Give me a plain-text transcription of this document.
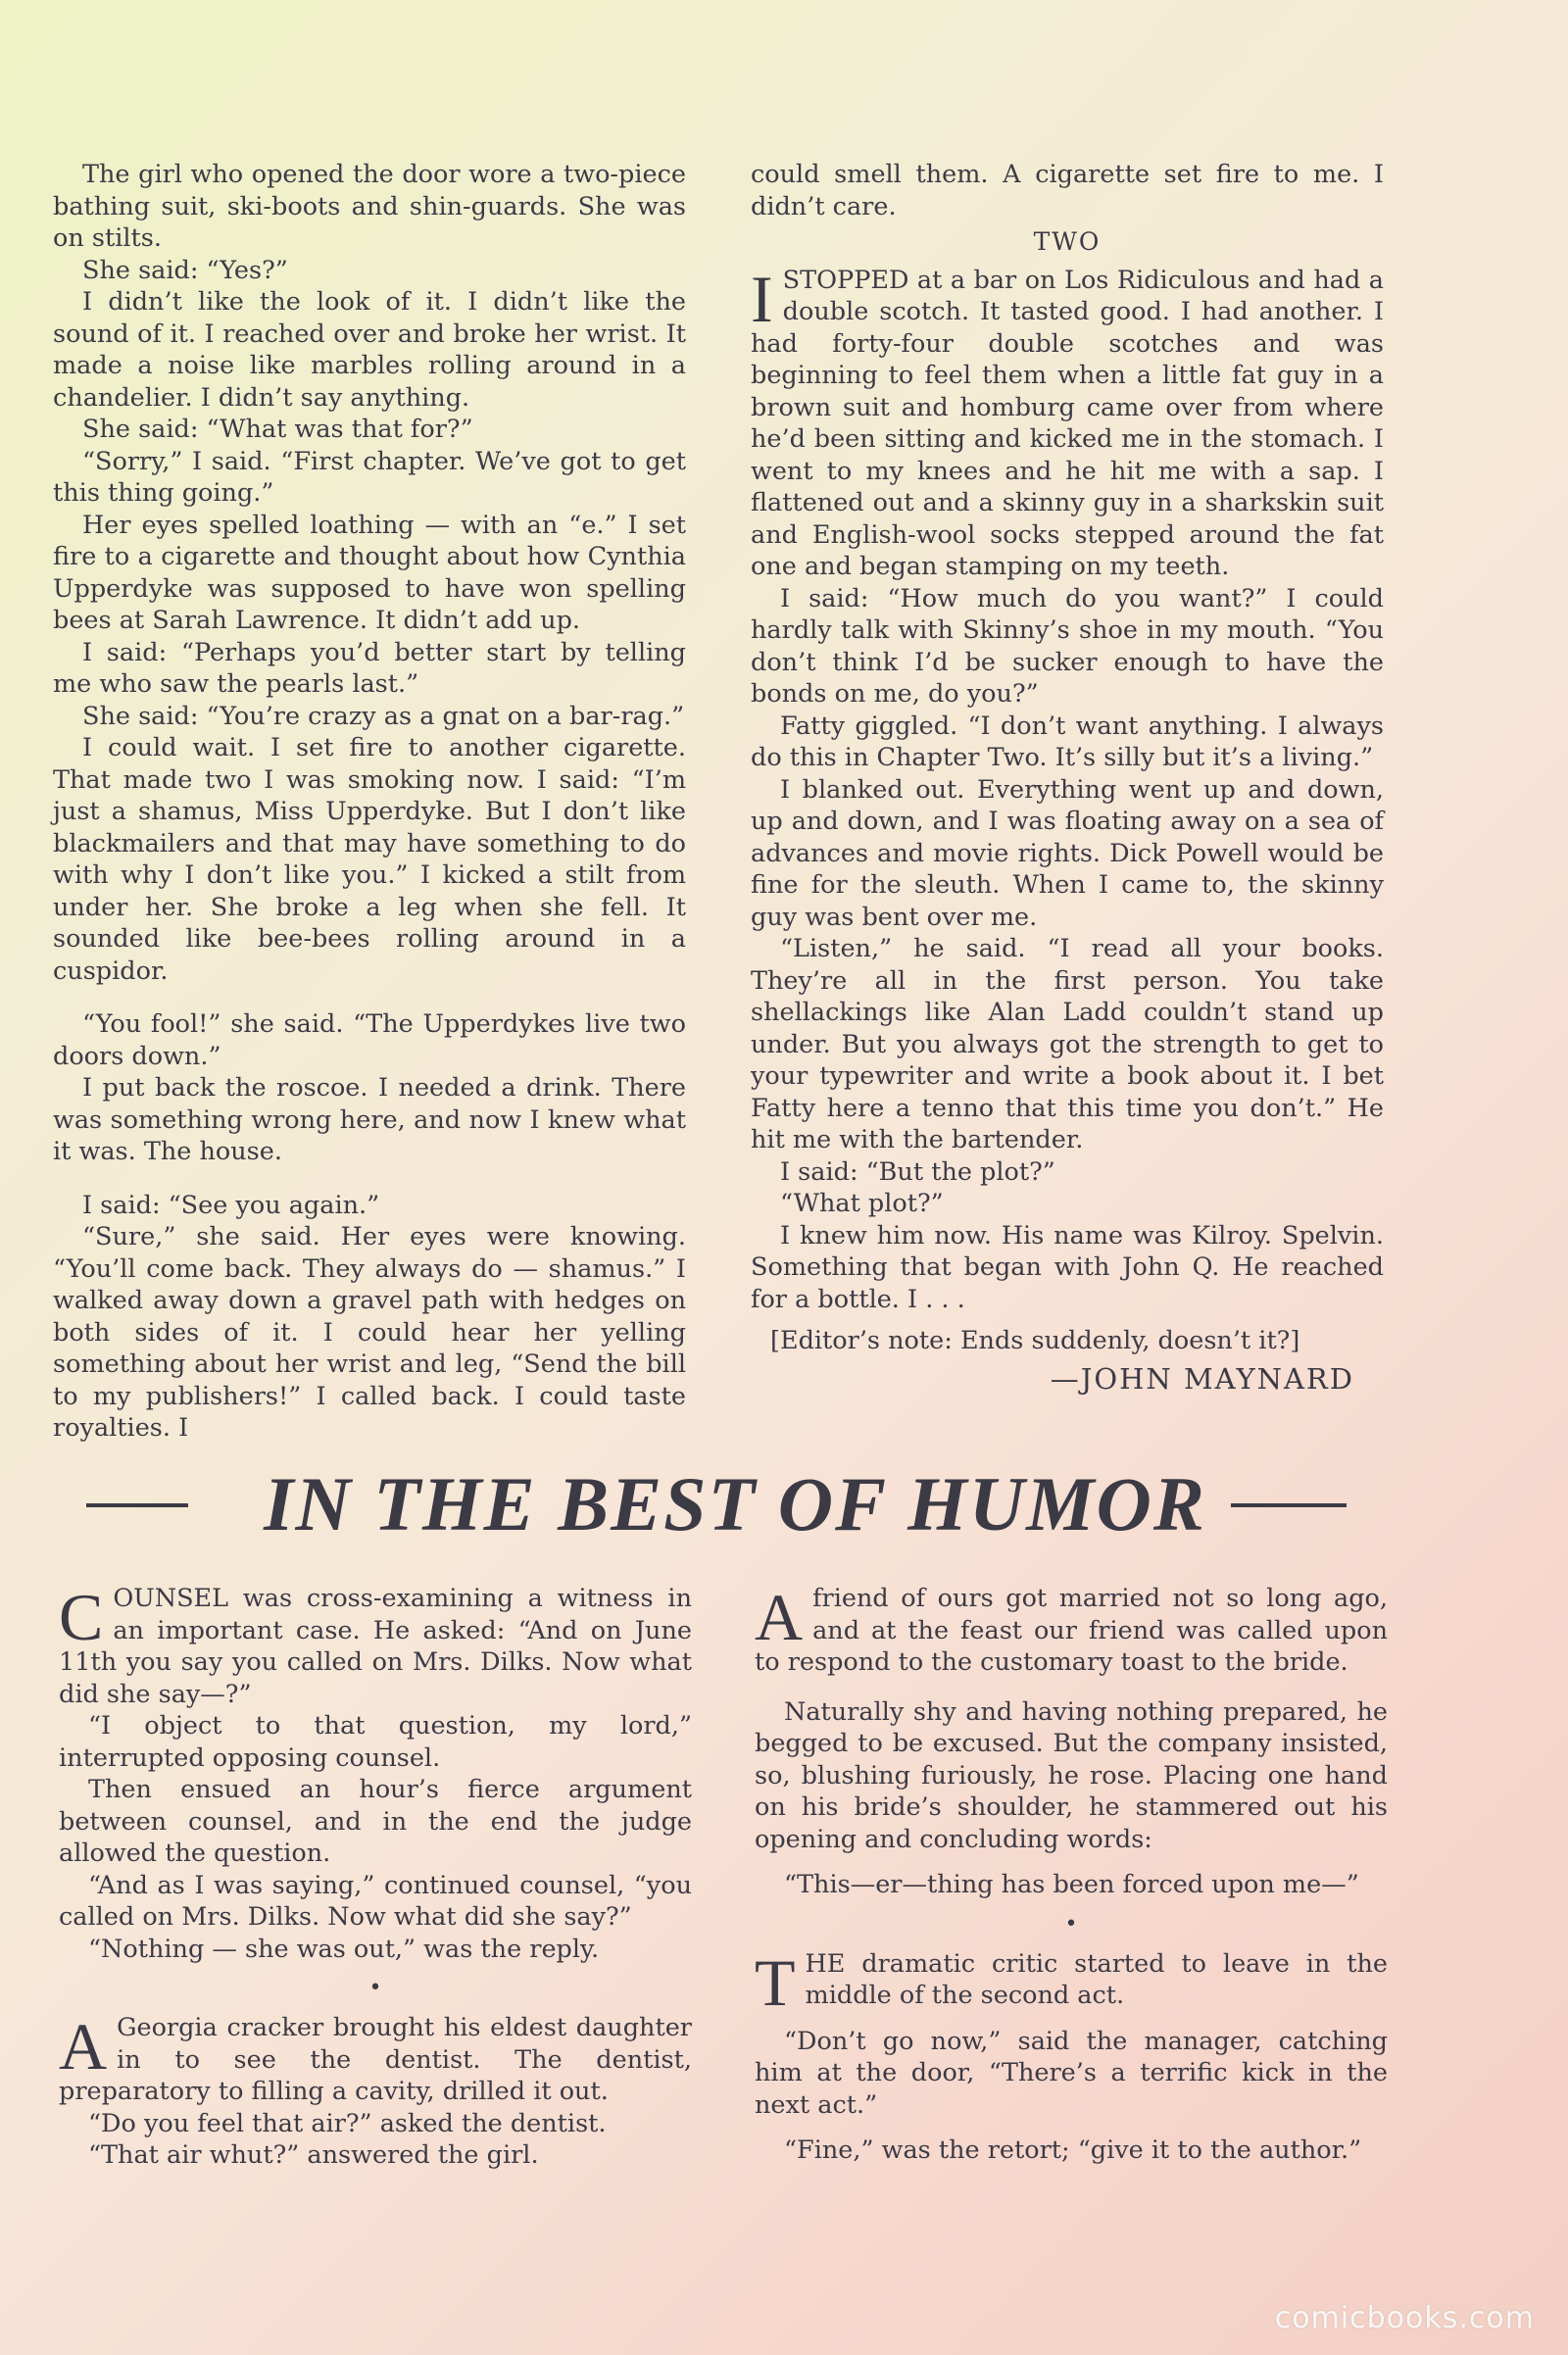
The girl who opened the door wore a two-piece bathing suit, ski-boots and shin-guards. She was on stilts.

She said: “Yes?”

I didn’t like the look of it. I didn’t like the sound of it. I reached over and broke her wrist. It made a noise like marbles rolling around in a chandelier. I didn’t say anything.

She said: “What was that for?”

“Sorry,” I said. “First chapter. We’ve got to get this thing going.”

Her eyes spelled loathing — with an “e.” I set fire to a cigarette and thought about how Cynthia Upperdyke was supposed to have won spelling bees at Sarah Lawrence. It didn’t add up.

I said: “Perhaps you’d better start by telling me who saw the pearls last.”

She said: “You’re crazy as a gnat on a bar-rag.”

I could wait. I set fire to another cigarette. That made two I was smoking now. I said: “I’m just a shamus, Miss Upperdyke. But I don’t like blackmailers and that may have something to do with why I don’t like you.” I kicked a stilt from under her. She broke a leg when she fell. It sounded like bee-bees rolling around in a cuspidor.

“You fool!” she said. “The Upperdykes live two doors down.”

I put back the roscoe. I needed a drink. There was something wrong here, and now I knew what it was. The house.

I said: “See you again.”

“Sure,” she said. Her eyes were knowing. “You’ll come back. They always do — shamus.” I walked away down a gravel path with hedges on both sides of it. I could hear her yelling something about her wrist and leg, “Send the bill to my publishers!” I called back. I could taste royalties. I

could smell them. A cigarette set fire to me. I didn’t care.

TWO

ISTOPPED at a bar on Los Ridiculous and had a double scotch. It tasted good. I had another. I had forty-four double scotches and was beginning to feel them when a little fat guy in a brown suit and homburg came over from where he’d been sitting and kicked me in the stomach. I went to my knees and he hit me with a sap. I flattened out and a skinny guy in a sharkskin suit and English-wool socks stepped around the fat one and began stamping on my teeth.

I said: “How much do you want?” I could hardly talk with Skinny’s shoe in my mouth. “You don’t think I’d be sucker enough to have the bonds on me, do you?”

Fatty giggled. “I don’t want anything. I always do this in Chapter Two. It’s silly but it’s a living.”

I blanked out. Everything went up and down, up and down, and I was floating away on a sea of advances and movie rights. Dick Powell would be fine for the sleuth. When I came to, the skinny guy was bent over me.

“Listen,” he said. “I read all your books. They’re all in the first person. You take shellackings like Alan Ladd couldn’t stand up under. But you always got the strength to get to your typewriter and write a book about it. I bet Fatty here a tenno that this time you don’t.” He hit me with the bartender.

I said: “But the plot?”

“What plot?”

I knew him now. His name was Kilroy. Spelvin. Something that began with John Q. He reached for a bottle. I . . .

[Editor’s note: Ends suddenly, doesn’t it?]

—JOHN MAYNARD
IN THE BEST OF HUMOR

COUNSEL was cross-examining a witness in an important case. He asked: “And on June 11th you say you called on Mrs. Dilks. Now what did she say—?”

“I object to that question, my lord,” interrupted opposing counsel.

Then ensued an hour’s fierce argument between counsel, and in the end the judge allowed the question.

“And as I was saying,” continued counsel, “you called on Mrs. Dilks. Now what did she say?”

“Nothing — she was out,” was the reply.

•

A Georgia cracker brought his eldest daughter in to see the dentist. The dentist, preparatory to filling a cavity, drilled it out.

“Do you feel that air?” asked the dentist.

“That air whut?” answered the girl.

Afriend of ours got married not so long ago, and at the feast our friend was called upon to respond to the customary toast to the bride.

Naturally shy and having nothing prepared, he begged to be excused. But the company insisted, so, blushing furiously, he rose. Placing one hand on his bride’s shoulder, he stammered out his opening and concluding words:

“This—er—thing has been forced upon me—”

•

THE dramatic critic started to leave in the middle of the second act.

“Don’t go now,” said the manager, catching him at the door, “There’s a terrific kick in the next act.”

“Fine,” was the retort; “give it to the author.”

comicbooks.com
